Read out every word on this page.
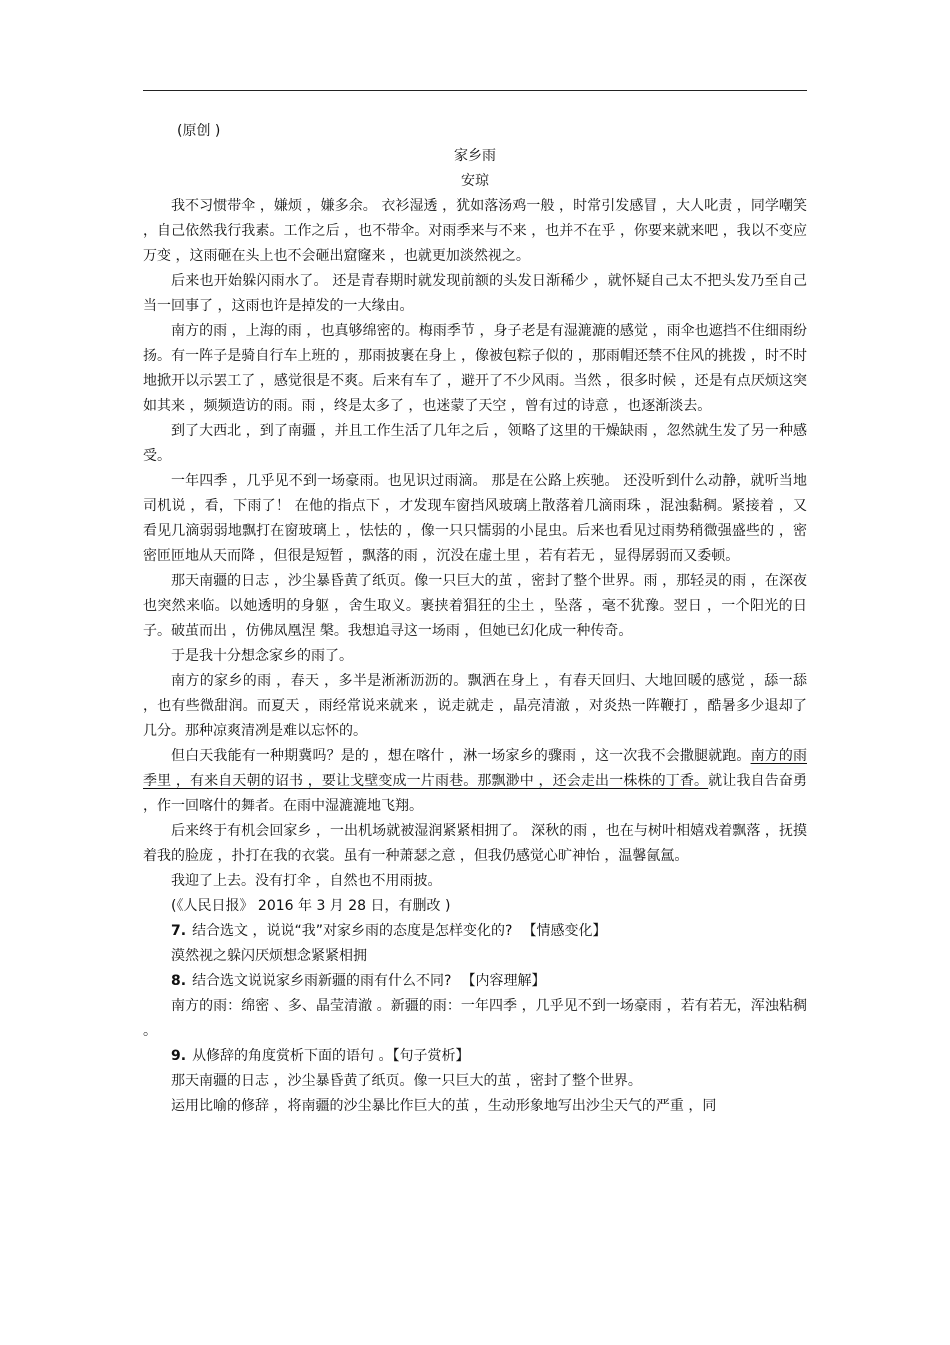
(原创 )
家乡雨
安琼

我不习惯带伞 ，嫌烦 ，嫌多余。 衣衫湿透 ，犹如落汤鸡一般 ，时常引发感冒 ，大人叱责 ，同学嘲笑 ，自己依然我行我素。工作之后 ，也不带伞。对雨季来与不来 ，也并不在乎 ，你要来就来吧 ，我以不变应万变 ，这雨砸在头上也不会砸出窟窿来 ，也就更加淡然视之。

后来也开始躲闪雨水了。 还是青春期时就发现前额的头发日渐稀少 ，就怀疑自己太不把头发乃至自己当一回事了 ，这雨也许是掉发的一大缘由。

南方的雨 ，上海的雨 ，也真够绵密的。梅雨季节 ，身子老是有湿漉漉的感觉 ，雨伞也遮挡不住细雨纷扬。有一阵子是骑自行车上班的 ，那雨披裹在身上 ，像被包粽子似的 ，那雨帽还禁不住风的挑拨 ，时不时地掀开以示罢工了 ，感觉很是不爽。后来有车了 ，避开了不少风雨。当然 ，很多时候 ，还是有点厌烦这突如其来 ，频频造访的雨。雨 ，终是太多了 ，也迷蒙了天空 ，曾有过的诗意 ，也逐渐淡去。

到了大西北 ，到了南疆 ，并且工作生活了几年之后 ，领略了这里的干燥缺雨 ，忽然就生发了另一种感受。

一年四季 ，几乎见不到一场豪雨。也见识过雨滴。 那是在公路上疾驰。 还没听到什么动静，就听当地司机说 ，看，下雨了！ 在他的指点下 ，才发现车窗挡风玻璃上散落着几滴雨珠 ，混浊黏稠。紧接着 ，又看见几滴弱弱地飘打在窗玻璃上 ，怯怯的 ，像一只只懦弱的小昆虫。后来也看见过雨势稍微强盛些的 ，密密匝匝地从天而降 ，但很是短暂 ，飘落的雨 ，沉没在虚土里 ，若有若无 ，显得孱弱而又委顿。

那天南疆的日志 ，沙尘暴昏黄了纸页。像一只巨大的茧 ，密封了整个世界。雨 ，那轻灵的雨 ，在深夜也突然来临。以她透明的身躯 ，舍生取义。裹挟着猖狂的尘土 ，坠落 ，毫不犹豫。翌日 ，一个阳光的日子。破茧而出 ，仿佛凤凰涅 槃。我想追寻这一场雨 ，但她已幻化成一种传奇。

于是我十分想念家乡的雨了。

南方的家乡的雨 ，春天 ，多半是淅淅沥沥的。飘洒在身上 ，有春天回归、大地回暖的感觉 ，舔一舔 ，也有些微甜润。而夏天 ，雨经常说来就来 ，说走就走 ，晶亮清澈 ，对炎热一阵鞭打 ，酷暑多少退却了几分。那种凉爽清冽是难以忘怀的。

但白天我能有一种期冀吗？是的 ，想在喀什 ，淋一场家乡的骤雨 ，这一次我不会撒腿就跑。南方的雨季里 ，有来自天朝的诏书 ，要让戈壁变成一片雨巷。那飘渺中 ，还会走出一株株的丁香。就让我自告奋勇 ，作一回喀什的舞者。在雨中湿漉漉地飞翔。

后来终于有机会回家乡 ，一出机场就被湿润紧紧相拥了。 深秋的雨 ，也在与树叶相嬉戏着飘落 ，抚摸着我的脸庞 ，扑打在我的衣裳。虽有一种萧瑟之意 ，但我仍感觉心旷神怡 ，温馨氤氲。

我迎了上去。没有打伞 ，自然也不用雨披。

(《人民日报》 2016 年 3 月 28 日，有删改 )

7. 结合选文 ，说说“我”对家乡雨的态度是怎样变化的? 【情感变化】

漠然视之躲闪厌烦想念紧紧相拥

8. 结合选文说说家乡雨新疆的雨有什么不同? 【内容理解】

南方的雨：绵密 、多、晶莹清澈 。新疆的雨：一年四季 ，几乎见不到一场豪雨 ，若有若无，浑浊粘稠 。

9. 从修辞的角度赏析下面的语句 。【句子赏析】

那天南疆的日志 ，沙尘暴昏黄了纸页。像一只巨大的茧 ，密封了整个世界。

运用比喻的修辞 ，将南疆的沙尘暴比作巨大的茧 ，生动形象地写出沙尘天气的严重 ，同
